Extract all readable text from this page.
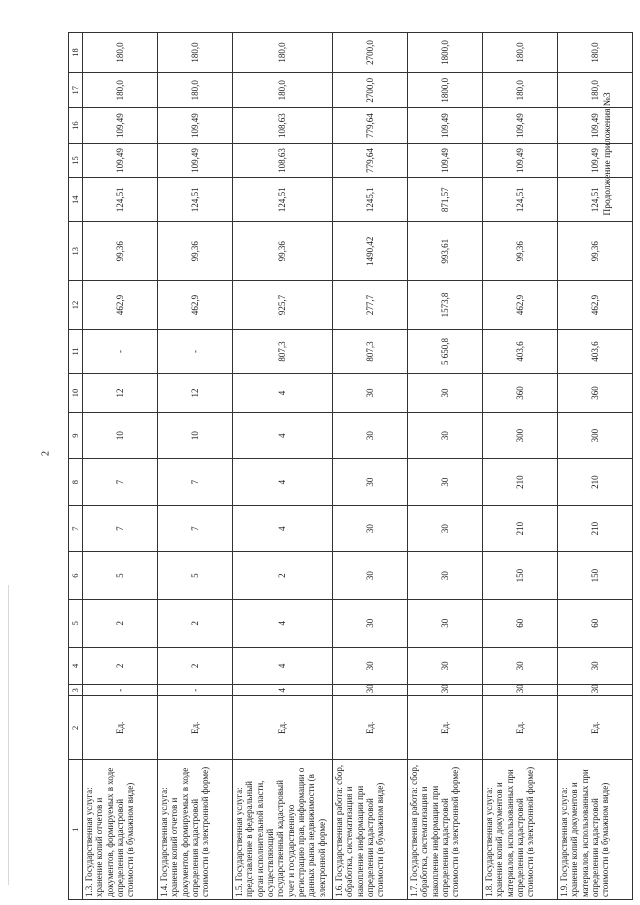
2
Продолжение приложения №3
1	2	3	4	5	6	7	8	9	10	11	12	13	14	15	16	17	18
1.3. Государственная услуга: хранение копий отчетов и документов, формируемых в ходе определения кадастровой стоимости (в бумажном виде)	Ед.	-	2	2	5	7	7	10	12	-	462,9	99,36	124,51	109,49	109,49	180,0	180,0
1.4. Государственная услуга: хранение копий отчетов и документов, формируемых в ходе определения кадастровой стоимости (в электронной форме)	Ед.	-	2	2	5	7	7	10	12	-	462,9	99,36	124,51	109,49	109,49	180,0	180,0
1.5. Государственная услуга: представление в федеральный орган исполнительной власти, осуществляющий государственный кадастровый учет и государственную регистрацию прав, информации о данных рынка недвижимости (в электронной форме)	Ед.	4	4	4	2	4	4	4	4	807,3	925,7	99,36	124,51	108,63	108,63	180,0	180,0
1.6. Государственная работа: сбор, обработка, систематизация и накопление информации при определении кадастровой стоимости (в бумажном виде)	Ед.	30	30	30	30	30	30	30	30	807,3	277,7	1490,42	1245,1	779,64	779,64	2700,0	2700,0
1.7. Государственная работа: сбор, обработка, систематизация и накопление информации при определении кадастровой стоимости (в электронной форме)	Ед.	30	30	30	30	30	30	30	30	5 650,8	1573,8	993,61	871,57	109,49	109,49	1800,0	1800,0
1.8. Государственная услуга: хранение копий документов и материалов, использованных при определении кадастровой стоимости (в электронной форме)	Ед.	30	30	60	150	210	210	300	360	403,6	462,9	99,36	124,51	109,49	109,49	180,0	180,0
1.9. Государственная услуга: хранение копий документов и материалов, использованных при определении кадастровой стоимости (в бумажном виде)	Ед.	30	30	60	150	210	210	300	360	403,6	462,9	99,36	124,51	109,49	109,49	180,0	180,0
